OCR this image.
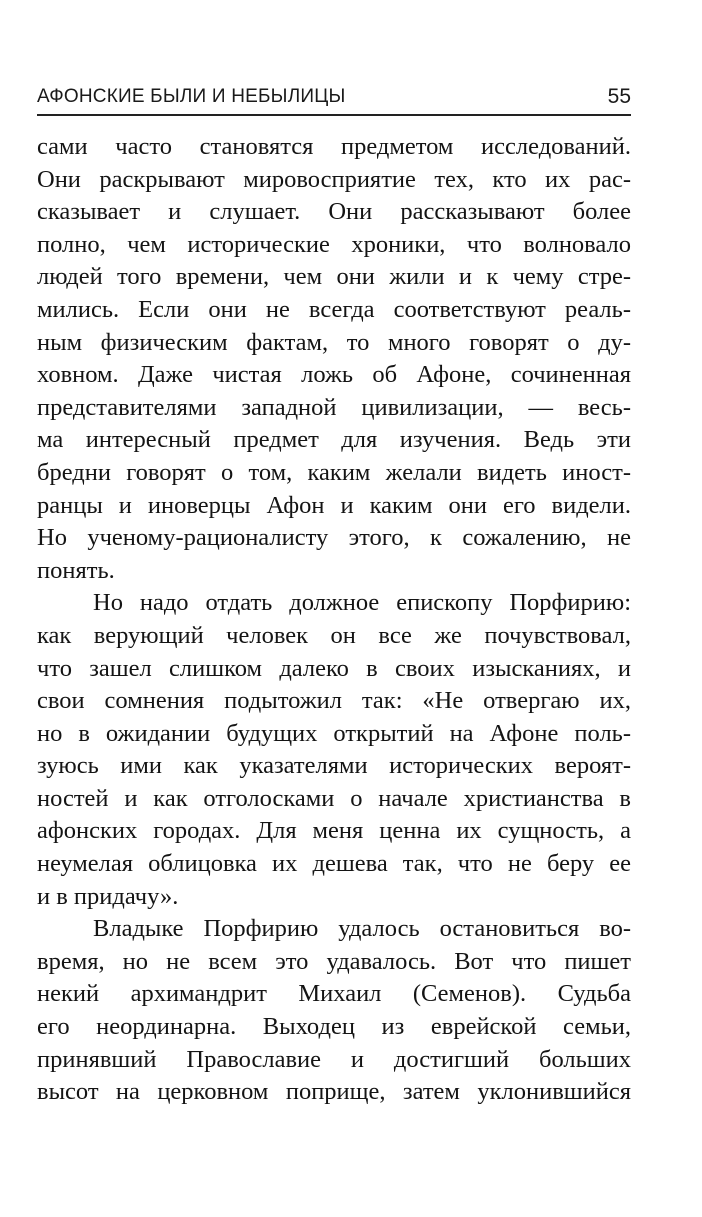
АФОНСКИЕ БЫЛИ И НЕБЫЛИЦЫ	55
сами часто становятся предметом исследований.
Они раскрывают мировосприятие тех, кто их рас-
сказывает и слушает. Они рассказывают более
полно, чем исторические хроники, что волновало
людей того времени, чем они жили и к чему стре-
мились. Если они не всегда соответствуют реаль-
ным физическим фактам, то много говорят о ду-
ховном. Даже чистая ложь об Афоне, сочиненная
представителями западной цивилизации, — весь-
ма интересный предмет для изучения. Ведь эти
бредни говорят о том, каким желали видеть иност-
ранцы и иноверцы Афон и каким они его видели.
Но ученому-рационалисту этого, к сожалению, не
понять.
Но надо отдать должное епископу Порфирию:
как верующий человек он все же почувствовал,
что зашел слишком далеко в своих изысканиях, и
свои сомнения подытожил так: «Не отвергаю их,
но в ожидании будущих открытий на Афоне поль-
зуюсь ими как указателями исторических вероят-
ностей и как отголосками о начале христианства в
афонских городах. Для меня ценна их сущность, а
неумелая облицовка их дешева так, что не беру ее
и в придачу».
Владыке Порфирию удалось остановиться во-
время, но не всем это удавалось. Вот что пишет
некий архимандрит Михаил (Семенов). Судьба
его неординарна. Выходец из еврейской семьи,
принявший Православие и достигший больших
высот на церковном поприще, затем уклонившийся
